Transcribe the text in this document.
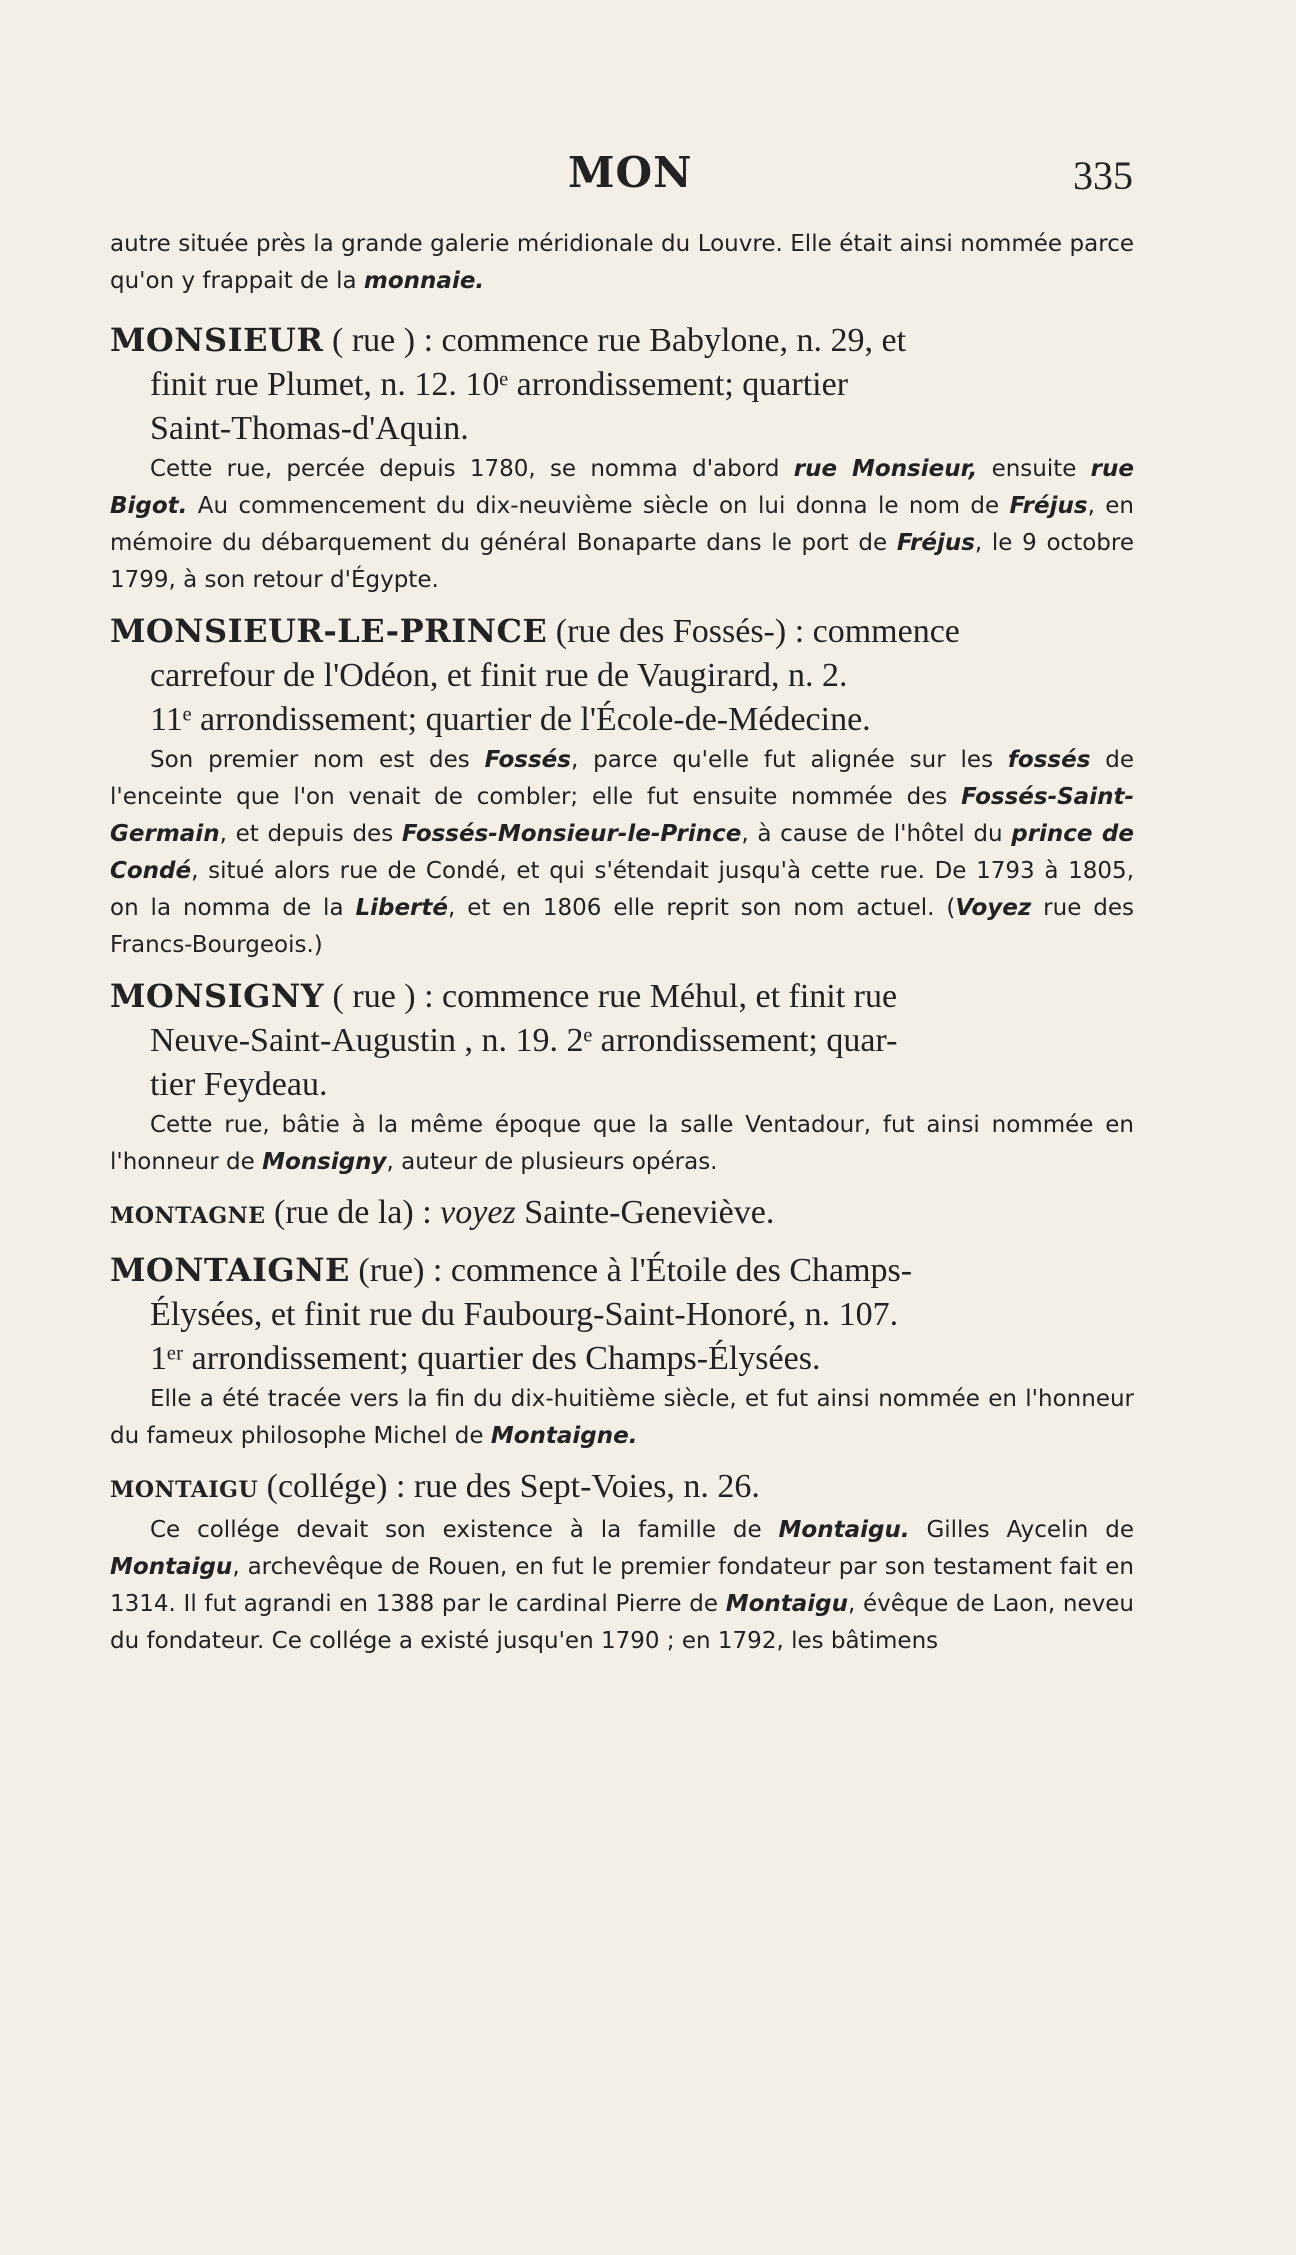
MON	335

autre située près la grande galerie méridionale du Louvre. Elle était ainsi nommée parce qu'on y frappait de la monnaie.

MONSIEUR ( rue ) : commence rue Babylone, n. 29, et
finit rue Plumet, n. 12. 10ᵉ arrondissement; quartier
Saint-Thomas-d'Aquin.

Cette rue, percée depuis 1780, se nomma d'abord rue Monsieur, ensuite rue Bigot. Au commencement du dix-neuvième siècle on lui donna le nom de Fréjus, en mémoire du débarquement du général Bonaparte dans le port de Fréjus, le 9 octobre 1799, à son retour d'Égypte.

MONSIEUR-LE-PRINCE (rue des Fossés-) : commence
carrefour de l'Odéon, et finit rue de Vaugirard, n. 2.
11ᵉ arrondissement; quartier de l'École-de-Médecine.

Son premier nom est des Fossés, parce qu'elle fut alignée sur les fossés de l'enceinte que l'on venait de combler; elle fut ensuite nommée des Fossés-Saint-Germain, et depuis des Fossés-Monsieur-le-Prince, à cause de l'hôtel du prince de Condé, situé alors rue de Condé, et qui s'étendait jusqu'à cette rue. De 1793 à 1805, on la nomma de la Liberté, et en 1806 elle reprit son nom actuel. (Voyez rue des Francs-Bourgeois.)

MONSIGNY ( rue ) : commence rue Méhul, et finit rue
Neuve-Saint-Augustin , n. 19. 2ᵉ arrondissement; quar-
tier Feydeau.

Cette rue, bâtie à la même époque que la salle Ventadour, fut ainsi nommée en l'honneur de Monsigny, auteur de plusieurs opéras.

MONTAGNE (rue de la) : voyez Sainte-Geneviève.

MONTAIGNE (rue) : commence à l'Étoile des Champs-
Élysées, et finit rue du Faubourg-Saint-Honoré, n. 107.
1ᵉʳ arrondissement; quartier des Champs-Élysées.

Elle a été tracée vers la fin du dix-huitième siècle, et fut ainsi nommée en l'honneur du fameux philosophe Michel de Montaigne.

MONTAIGU (collége) : rue des Sept-Voies, n. 26.

Ce collége devait son existence à la famille de Montaigu. Gilles Aycelin de Montaigu, archevêque de Rouen, en fut le premier fondateur par son testament fait en 1314. Il fut agrandi en 1388 par le cardinal Pierre de Montaigu, évêque de Laon, neveu du fondateur. Ce collége a existé jusqu'en 1790 ; en 1792, les bâtimens
